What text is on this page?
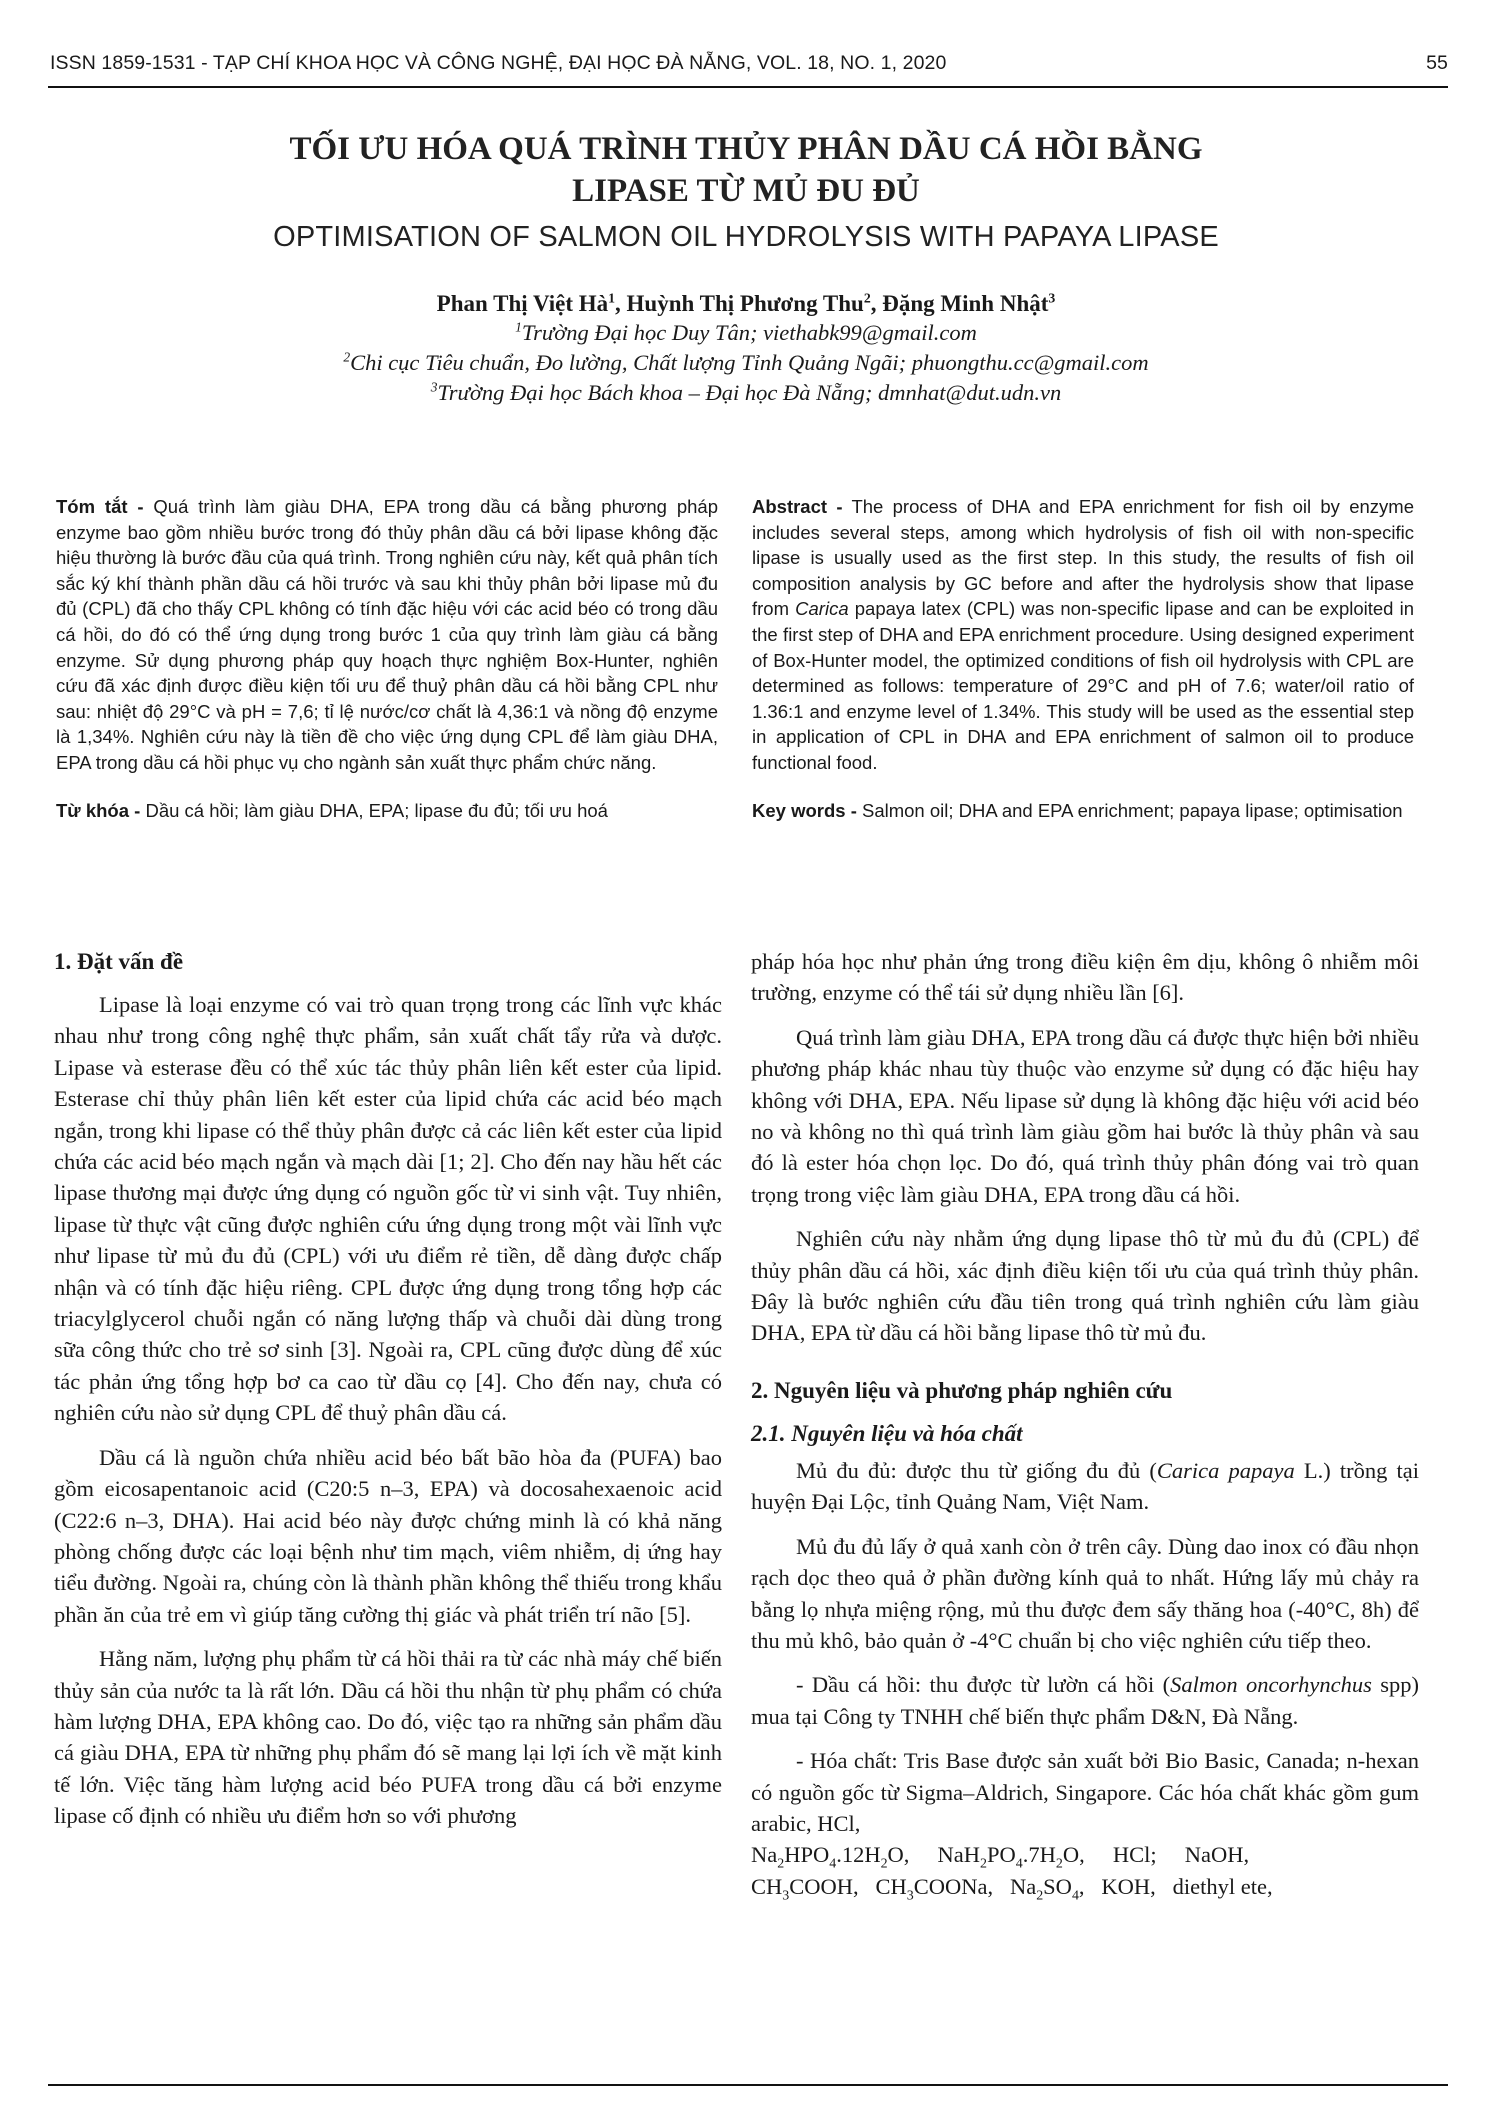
ISSN 1859-1531 - TẠP CHÍ KHOA HỌC VÀ CÔNG NGHỆ, ĐẠI HỌC ĐÀ NẴNG, VOL. 18, NO. 1, 2020	55
TỐI ƯU HÓA QUÁ TRÌNH THỦY PHÂN DẦU CÁ HỒI BẰNG
LIPASE TỪ MỦ ĐU ĐỦ
OPTIMISATION OF SALMON OIL HYDROLYSIS WITH PAPAYA LIPASE
Phan Thị Việt $Hà^1$, Huỳnh Thị Phương Thu$^2$, Đặng Minh Nhật$^3$
$^1$Trường Đại học Duy Tân; viethabk99@gmail.com
$^2$Chi cục Tiêu chuẩn, Đo lường, Chất lượng Tỉnh Quảng Ngãi; phuongthu.cc@gmail.com
$^3$Trường Đại học Bách khoa – Đại học Đà Nẵng; dmnhat@dut.udn.vn

Tóm tắt - Quá trình làm giàu DHA, EPA trong dầu cá bằng phương pháp enzyme bao gồm nhiều bước trong đó thủy phân dầu cá bởi lipase không đặc hiệu thường là bước đầu của quá trình. Trong nghiên cứu này, kết quả phân tích sắc ký khí thành phần dầu cá hồi trước và sau khi thủy phân bởi lipase mủ đu đủ (CPL) đã cho thấy CPL không có tính đặc hiệu với các acid béo có trong dầu cá hồi, do đó có thể ứng dụng trong bước 1 của quy trình làm giàu cá bằng enzyme. Sử dụng phương pháp quy hoạch thực nghiệm Box-Hunter, nghiên cứu đã xác định được điều kiện tối ưu để thuỷ phân dầu cá hồi bằng CPL như sau: nhiệt độ 29°C và pH = 7,6; tỉ lệ nước/cơ chất là 4,36:1 và nồng độ enzyme là 1,34%. Nghiên cứu này là tiền đề cho việc ứng dụng CPL để làm giàu DHA, EPA trong dầu cá hồi phục vụ cho ngành sản xuất thực phẩm chức năng.

Từ khóa - Dầu cá hồi; làm giàu DHA, EPA; lipase đu đủ; tối ưu hoá

Abstract - The process of DHA and EPA enrichment for fish oil by enzyme includes several steps, among which hydrolysis of fish oil with non-specific lipase is usually used as the first step. In this study, the results of fish oil composition analysis by GC before and after the hydrolysis show that lipase from Carica papaya latex (CPL) was non-specific lipase and can be exploited in the first step of DHA and EPA enrichment procedure. Using designed experiment of Box-Hunter model, the optimized conditions of fish oil hydrolysis with CPL are determined as follows: temperature of 29°C and pH of 7.6; water/oil ratio of 1.36:1 and enzyme level of 1.34%. This study will be used as the essential step in application of CPL in DHA and EPA enrichment of salmon oil to produce functional food.

Key words - Salmon oil; DHA and EPA enrichment; papaya lipase; optimisation

1. Đặt vấn đề

Lipase là loại enzyme có vai trò quan trọng trong các lĩnh vực khác nhau như trong công nghệ thực phẩm, sản xuất chất tẩy rửa và dược. Lipase và esterase đều có thể xúc tác thủy phân liên kết ester của lipid. Esterase chỉ thủy phân liên kết ester của lipid chứa các acid béo mạch ngắn, trong khi lipase có thể thủy phân được cả các liên kết ester của lipid chứa các acid béo mạch ngắn và mạch dài [1; 2]. Cho đến nay hầu hết các lipase thương mại được ứng dụng có nguồn gốc từ vi sinh vật. Tuy nhiên, lipase từ thực vật cũng được nghiên cứu ứng dụng trong một vài lĩnh vực như lipase từ mủ đu đủ (CPL) với ưu điểm rẻ tiền, dễ dàng được chấp nhận và có tính đặc hiệu riêng. CPL được ứng dụng trong tổng hợp các triacylglycerol chuỗi ngắn có năng lượng thấp và chuỗi dài dùng trong sữa công thức cho trẻ sơ sinh [3]. Ngoài ra, CPL cũng được dùng để xúc tác phản ứng tổng hợp bơ ca cao từ dầu cọ [4]. Cho đến nay, chưa có nghiên cứu nào sử dụng CPL để thuỷ phân dầu cá.

Dầu cá là nguồn chứa nhiều acid béo bất bão hòa đa (PUFA) bao gồm eicosapentanoic acid (C20:5 n–3, EPA) và docosahexaenoic acid (C22:6 n–3, DHA). Hai acid béo này được chứng minh là có khả năng phòng chống được các loại bệnh như tim mạch, viêm nhiễm, dị ứng hay tiểu đường. Ngoài ra, chúng còn là thành phần không thể thiếu trong khẩu phần ăn của trẻ em vì giúp tăng cường thị giác và phát triển trí não [5].

Hằng năm, lượng phụ phẩm từ cá hồi thải ra từ các nhà máy chế biến thủy sản của nước ta là rất lớn. Dầu cá hồi thu nhận từ phụ phẩm có chứa hàm lượng DHA, EPA không cao. Do đó, việc tạo ra những sản phẩm dầu cá giàu DHA, EPA từ những phụ phẩm đó sẽ mang lại lợi ích về mặt kinh tế lớn. Việc tăng hàm lượng acid béo PUFA trong dầu cá bởi enzyme lipase cố định có nhiều ưu điểm hơn so với phương

pháp hóa học như phản ứng trong điều kiện êm dịu, không ô nhiễm môi trường, enzyme có thể tái sử dụng nhiều lần [6].

Quá trình làm giàu DHA, EPA trong dầu cá được thực hiện bởi nhiều phương pháp khác nhau tùy thuộc vào enzyme sử dụng có đặc hiệu hay không với DHA, EPA. Nếu lipase sử dụng là không đặc hiệu với acid béo no và không no thì quá trình làm giàu gồm hai bước là thủy phân và sau đó là ester hóa chọn lọc. Do đó, quá trình thủy phân đóng vai trò quan trọng trong việc làm giàu DHA, EPA trong dầu cá hồi.

Nghiên cứu này nhằm ứng dụng lipase thô từ mủ đu đủ (CPL) để thủy phân dầu cá hồi, xác định điều kiện tối ưu của quá trình thủy phân. Đây là bước nghiên cứu đầu tiên trong quá trình nghiên cứu làm giàu DHA, EPA từ dầu cá hồi bằng lipase thô từ mủ đu.

2. Nguyên liệu và phương pháp nghiên cứu
2.1. Nguyên liệu và hóa chất

Mủ đu đủ: được thu từ giống đu đủ (Carica papaya L.) trồng tại huyện Đại Lộc, tỉnh Quảng Nam, Việt Nam.

Mủ đu đủ lấy ở quả xanh còn ở trên cây. Dùng dao inox có đầu nhọn rạch dọc theo quả ở phần đường kính quả to nhất. Hứng lấy mủ chảy ra bằng lọ nhựa miệng rộng, mủ thu được đem sấy thăng hoa (-40°C, 8h) để thu mủ khô, bảo quản ở -4°C chuẩn bị cho việc nghiên cứu tiếp theo.

- Dầu cá hồi: thu được từ lườn cá hồi (Salmon oncorhynchus spp) mua tại Công ty TNHH chế biến thực phẩm D&N, Đà Nẵng.

- Hóa chất: Tris Base được sản xuất bởi Bio Basic, Canada; n-hexan có nguồn gốc từ Sigma–Aldrich, Singapore. Các hóa chất khác gồm gum arabic, HCl,
$Na_2HPO_4.12H_2O$,     $NaH_2PO_4.7H_2O$,     HCl;     NaOH,
$CH_3COOH$,   $CH_3COONa$,   $Na_2SO_4$,   KOH,   diethyl ete,
